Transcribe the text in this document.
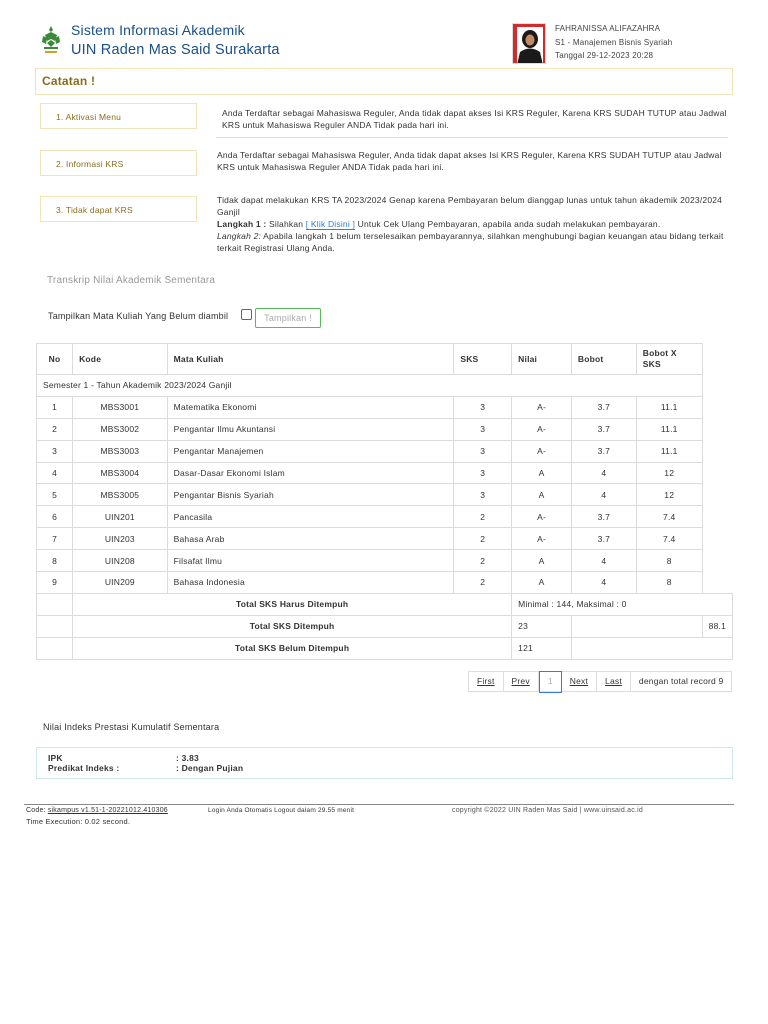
Sistem Informasi Akademik
UIN Raden Mas Said Surakarta
FAHRANISSA ALIFAZAHRA
S1 - Manajemen Bisnis Syariah
Tanggal 29-12-2023 20:28
Catatan !
1. Aktivasi Menu	Anda Terdaftar sebagai Mahasiswa Reguler, Anda tidak dapat akses Isi KRS Reguler, Karena KRS SUDAH TUTUP atau Jadwal KRS untuk Mahasiswa Reguler ANDA Tidak pada hari ini.
2. Informasi KRS
Anda Terdaftar sebagai Mahasiswa Reguler, Anda tidak dapat akses Isi KRS Reguler, Karena KRS SUDAH TUTUP atau Jadwal KRS untuk Mahasiswa Reguler ANDA Tidak pada hari ini.
3. Tidak dapat KRS
Tidak dapat melakukan KRS TA 2023/2024 Genap karena Pembayaran belum dianggap lunas untuk tahun akademik 2023/2024 Ganjil
Langkah 1 : Silahkan [ Klik Disini ] Untuk Cek Ulang Pembayaran, apabila anda sudah melakukan pembayaran.
Langkah 2: Apabila langkah 1 belum terselesaikan pembayarannya, silahkan menghubungi bagian keuangan atau bidang terkait terkait Registrasi Ulang Anda.
Transkrip Nilai Akademik Sementara
Tampilkan Mata Kuliah Yang Belum diambil	Tampilkan !
No	Kode	Mata Kuliah	SKS	Nilai	Bobot	Bobot X SKS	
Semester 1 - Tahun Akademik 2023/2024 Ganjil							
1	MBS3001	Matematika Ekonomi	3	A-	3.7	11.1	
2	MBS3002	Pengantar Ilmu Akuntansi	3	A-	3.7	11.1	
3	MBS3003	Pengantar Manajemen	3	A-	3.7	11.1	
4	MBS3004	Dasar-Dasar Ekonomi Islam	3	A	4	12	
5	MBS3005	Pengantar Bisnis Syariah	3	A	4	12	
6	UIN201	Pancasila	2	A-	3.7	7.4	
7	UIN203	Bahasa Arab	2	A-	3.7	7.4	
8	UIN208	Filsafat Ilmu	2	A	4	8	
9	UIN209	Bahasa Indonesia	2	A	4	8	
	Total SKS Harus Ditempuh			Minimal : 144, Maksimal : 0			
	Total SKS Ditempuh			23			88.1
	Total SKS Belum Ditempuh			121			
First	Prev	1	Next	Last	dengan total record 9
Nilai Indeks Prestasi Kumulatif Sementara
IPK	: 3.83
Predikat Indeks :	: Dengan Pujian
Code: sikampus v1.51-1-20221012.410306
Time Execution: 0.02 second.
Login Anda Otomatis Logout dalam 29.55 menit	copyright ©2022 UIN Raden Mas Said | www.uinsaid.ac.id
